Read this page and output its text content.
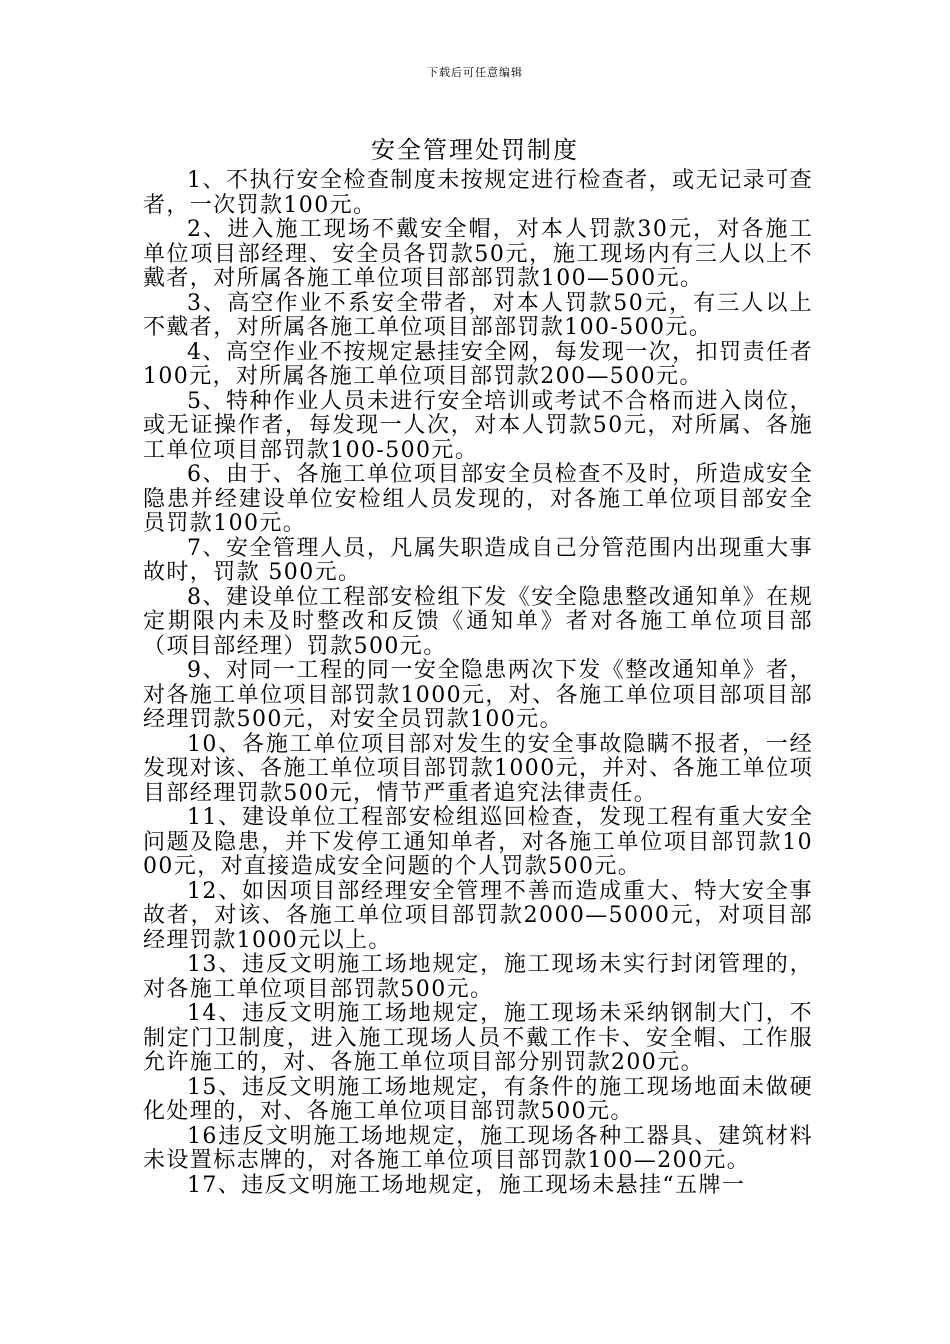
下载后可任意编辑
安全管理处罚制度

1、不执行安全检查制度未按规定进行检查者，或无记录可查者，一次罚款100元。

2、进入施工现场不戴安全帽，对本人罚款30元，对各施工单位项目部经理、安全员各罚款50元，施工现场内有三人以上不戴者，对所属各施工单位项目部部罚款100—500元。

3、高空作业不系安全带者，对本人罚款50元，有三人以上不戴者，对所属各施工单位项目部部罚款100-500元。

4、高空作业不按规定悬挂安全网，每发现一次，扣罚责任者100元，对所属各施工单位项目部罚款200—500元。

5、特种作业人员未进行安全培训或考试不合格而进入岗位，或无证操作者，每发现一人次，对本人罚款50元，对所属、各施工单位项目部罚款100-500元。

6、由于、各施工单位项目部安全员检查不及时，所造成安全隐患并经建设单位安检组人员发现的，对各施工单位项目部安全员罚款100元。

7、安全管理人员，凡属失职造成自己分管范围内出现重大事故时，罚款 500元。

8、建设单位工程部安检组下发《安全隐患整改通知单》在规定期限内未及时整改和反馈《通知单》者对各施工单位项目部（项目部经理）罚款500元。

9、对同一工程的同一安全隐患两次下发《整改通知单》者，对各施工单位项目部罚款1000元，对、各施工单位项目部项目部经理罚款500元，对安全员罚款100元。

10、各施工单位项目部对发生的安全事故隐瞒不报者，一经发现对该、各施工单位项目部罚款1000元，并对、各施工单位项目部经理罚款500元，情节严重者追究法律责任。

11、建设单位工程部安检组巡回检查，发现工程有重大安全问题及隐患，并下发停工通知单者，对各施工单位项目部罚款1000元，对直接造成安全问题的个人罚款500元。

12、如因项目部经理安全管理不善而造成重大、特大安全事故者，对该、各施工单位项目部罚款2000—5000元，对项目部经理罚款1000元以上。

13、违反文明施工场地规定，施工现场未实行封闭管理的，对各施工单位项目部罚款500元。

14、违反文明施工场地规定，施工现场未采纳钢制大门，不制定门卫制度，进入施工现场人员不戴工作卡、安全帽、工作服允许施工的，对、各施工单位项目部分别罚款200元。

15、违反文明施工场地规定，有条件的施工现场地面未做硬化处理的，对、各施工单位项目部罚款500元。

16违反文明施工场地规定，施工现场各种工器具、建筑材料未设置标志牌的，对各施工单位项目部罚款100—200元。

17、违反文明施工场地规定，施工现场未悬挂“五牌一
